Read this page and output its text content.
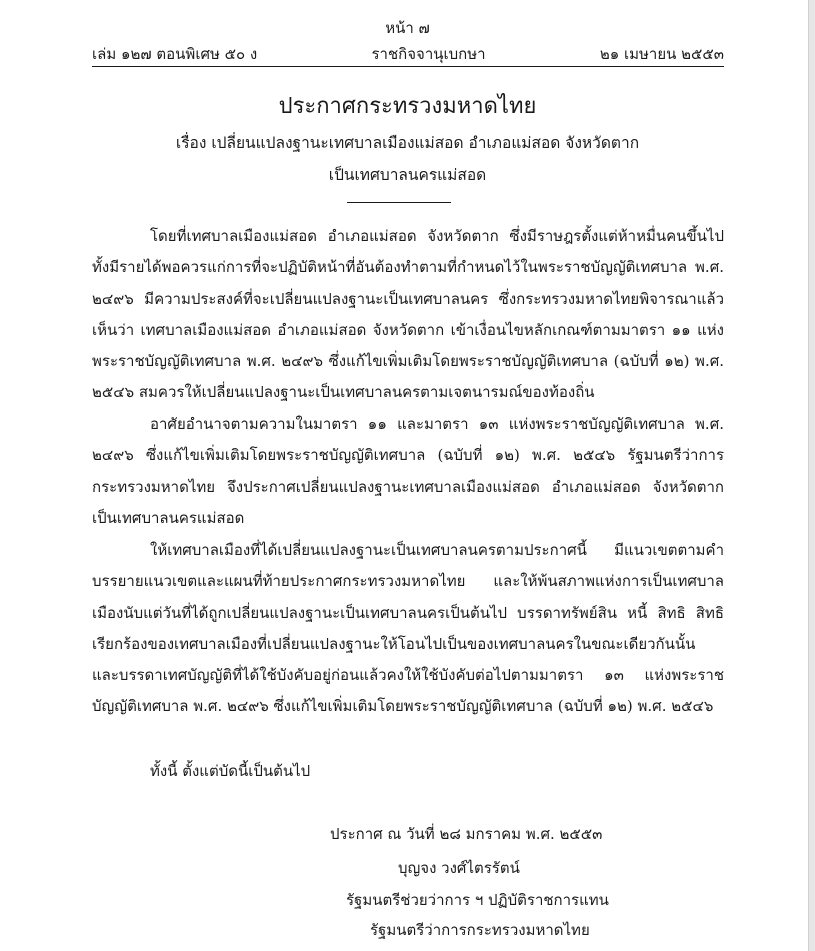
หน้า ๗
เล่ม ๑๒๗ ตอนพิเศษ ๕๐ ง	ราชกิจจานุเบกษา	๒๑ เมษายน ๒๕๕๓
ประกาศกระทรวงมหาดไทย
เรื่อง เปลี่ยนแปลงฐานะเทศบาลเมืองแม่สอด อำเภอแม่สอด จังหวัดตาก
เป็นเทศบาลนครแม่สอด

โดยที่เทศบาลเมืองแม่สอด อำเภอแม่สอด จังหวัดตาก ซึ่งมีราษฎรตั้งแต่ห้าหมื่นคนขึ้นไป ทั้งมีรายได้พอควรแก่การที่จะปฏิบัติหน้าที่อันต้องทำตามที่กำหนดไว้ในพระราชบัญญัติเทศบาล พ.ศ. ๒๔๙๖ มีความประสงค์ที่จะเปลี่ยนแปลงฐานะเป็นเทศบาลนคร ซึ่งกระทรวงมหาดไทยพิจารณาแล้วเห็นว่า เทศบาลเมืองแม่สอด อำเภอแม่สอด จังหวัดตาก เข้าเงื่อนไขหลักเกณฑ์ตามมาตรา ๑๑ แห่งพระราชบัญญัติเทศบาล พ.ศ. ๒๔๙๖ ซึ่งแก้ไขเพิ่มเติมโดยพระราชบัญญัติเทศบาล (ฉบับที่ ๑๒) พ.ศ. ๒๕๔๖ สมควรให้เปลี่ยนแปลงฐานะเป็นเทศบาลนครตามเจตนารมณ์ของท้องถิ่น

อาศัยอำนาจตามความในมาตรา ๑๑ และมาตรา ๑๓ แห่งพระราชบัญญัติเทศบาล พ.ศ. ๒๔๙๖ ซึ่งแก้ไขเพิ่มเติมโดยพระราชบัญญัติเทศบาล (ฉบับที่ ๑๒) พ.ศ. ๒๕๔๖ รัฐมนตรีว่าการกระทรวงมหาดไทย จึงประกาศเปลี่ยนแปลงฐานะเทศบาลเมืองแม่สอด อำเภอแม่สอด จังหวัดตาก เป็นเทศบาลนครแม่สอด

ให้เทศบาลเมืองที่ได้เปลี่ยนแปลงฐานะเป็นเทศบาลนครตามประกาศนี้ มีแนวเขตตามคำบรรยายแนวเขตและแผนที่ท้ายประกาศกระทรวงมหาดไทย และให้พ้นสภาพแห่งการเป็นเทศบาลเมืองนับแต่วันที่ได้ถูกเปลี่ยนแปลงฐานะเป็นเทศบาลนครเป็นต้นไป บรรดาทรัพย์สิน หนี้ สิทธิ สิทธิเรียกร้องของเทศบาลเมืองที่เปลี่ยนแปลงฐานะให้โอนไปเป็นของเทศบาลนครในขณะเดียวกันนั้น และบรรดาเทศบัญญัติที่ได้ใช้บังคับอยู่ก่อนแล้วคงให้ใช้บังคับต่อไปตามมาตรา ๑๓ แห่งพระราชบัญญัติเทศบาล พ.ศ. ๒๔๙๖ ซึ่งแก้ไขเพิ่มเติมโดยพระราชบัญญัติเทศบาล (ฉบับที่ ๑๒) พ.ศ. ๒๕๔๖

ทั้งนี้ ตั้งแต่บัดนี้เป็นต้นไป

ประกาศ ณ วันที่ ๒๘ มกราคม พ.ศ. ๒๕๕๓
บุญจง วงศ์ไตรรัตน์
รัฐมนตรีช่วยว่าการ ฯ ปฏิบัติราชการแทน
รัฐมนตรีว่าการกระทรวงมหาดไทย
